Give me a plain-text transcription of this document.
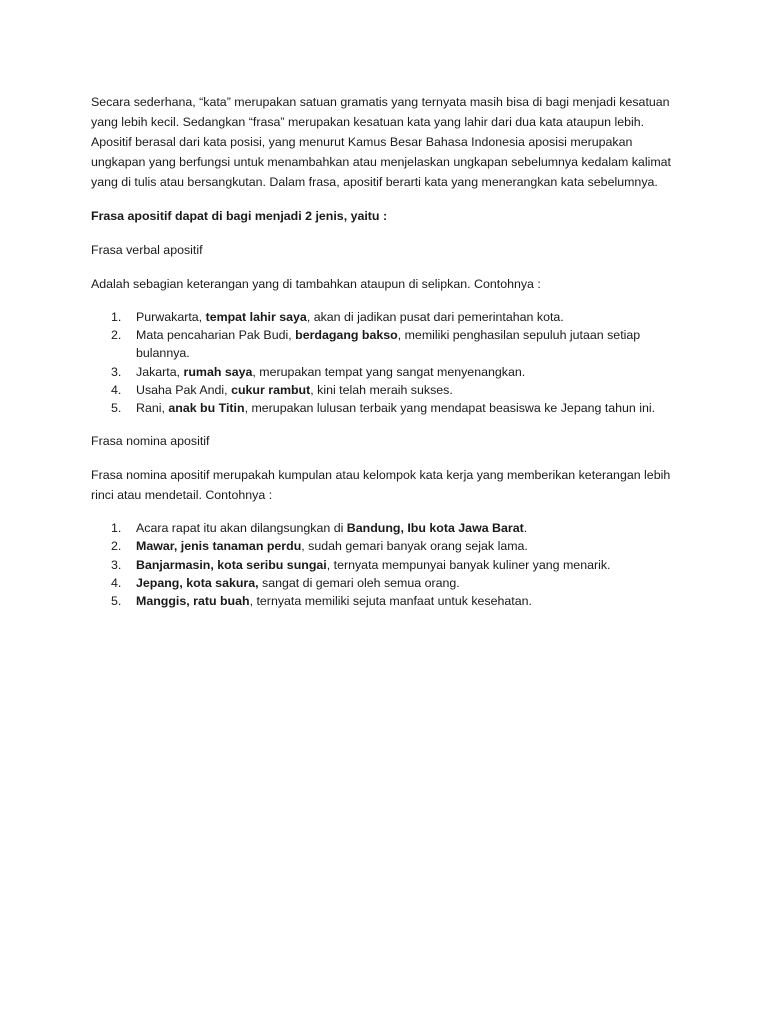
Secara sederhana, “kata” merupakan satuan gramatis yang ternyata masih bisa di bagi menjadi kesatuan yang lebih kecil. Sedangkan “frasa” merupakan kesatuan kata yang lahir dari dua kata ataupun lebih. Apositif berasal dari kata posisi, yang menurut Kamus Besar Bahasa Indonesia aposisi merupakan ungkapan yang berfungsi untuk menambahkan atau menjelaskan ungkapan sebelumnya kedalam kalimat yang di tulis atau bersangkutan. Dalam frasa, apositif berarti kata yang menerangkan kata sebelumnya.

Frasa apositif dapat di bagi menjadi 2 jenis, yaitu :

Frasa verbal apositif

Adalah sebagian keterangan yang di tambahkan ataupun di selipkan. Contohnya :

1. Purwakarta, tempat lahir saya, akan di jadikan pusat dari pemerintahan kota.
2. Mata pencaharian Pak Budi, berdagang bakso, memiliki penghasilan sepuluh jutaan setiap bulannya.
3. Jakarta, rumah saya, merupakan tempat yang sangat menyenangkan.
4. Usaha Pak Andi, cukur rambut, kini telah meraih sukses.
5. Rani, anak bu Titin, merupakan lulusan terbaik yang mendapat beasiswa ke Jepang tahun ini.

Frasa nomina apositif

Frasa nomina apositif merupakah kumpulan atau kelompok kata kerja yang memberikan keterangan lebih rinci atau mendetail. Contohnya :

1. Acara rapat itu akan dilangsungkan di Bandung, Ibu kota Jawa Barat.
2. Mawar, jenis tanaman perdu, sudah gemari banyak orang sejak lama.
3. Banjarmasin, kota seribu sungai, ternyata mempunyai banyak kuliner yang menarik.
4. Jepang, kota sakura, sangat di gemari oleh semua orang.
5. Manggis, ratu buah, ternyata memiliki sejuta manfaat untuk kesehatan.
